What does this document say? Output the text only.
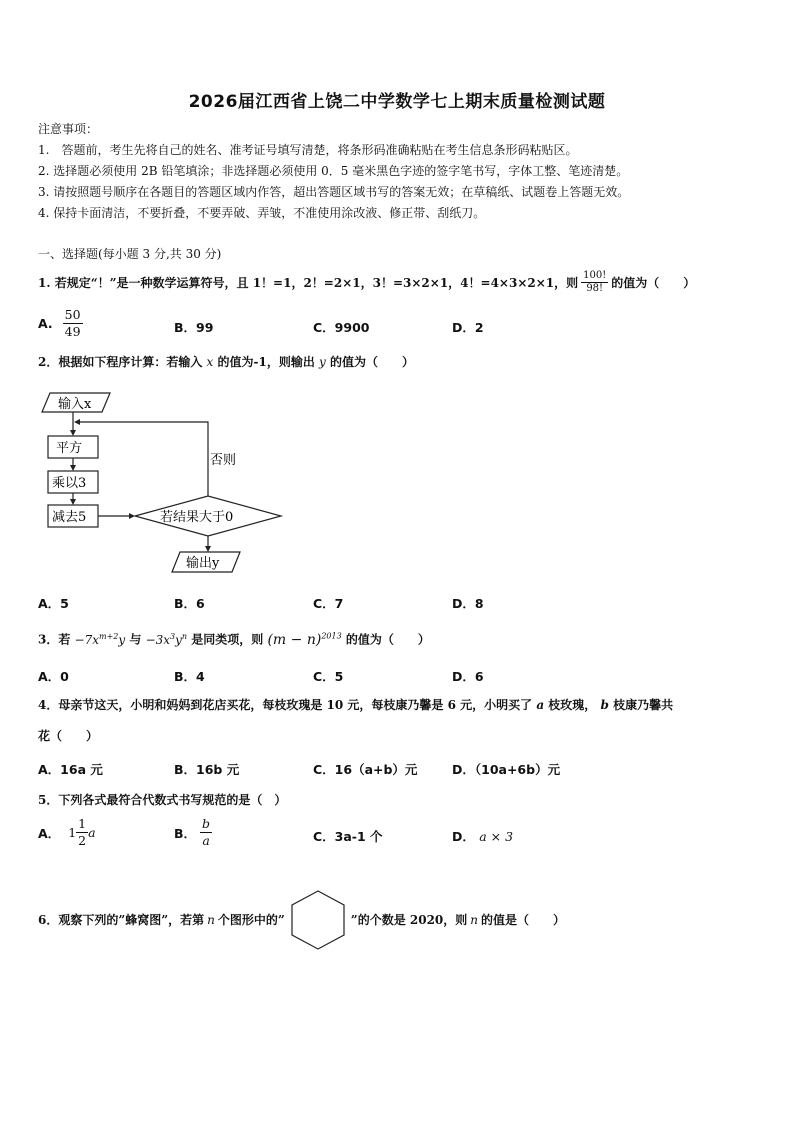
2026届江西省上饶二中学数学七上期末质量检测试题
注意事项：
1.　答题前，考生先将自己的姓名、准考证号填写清楚，将条形码准确粘贴在考生信息条形码粘贴区。
2. 选择题必须使用 2B 铅笔填涂；非选择题必须使用 0．5 毫米黑色字迹的签字笔书写，字体工整、笔迹清楚。
3. 请按照题号顺序在各题目的答题区域内作答，超出答题区域书写的答案无效；在草稿纸、试题卷上答题无效。
4. 保持卡面清洁，不要折叠，不要弄破、弄皱，不准使用涂改液、修正带、刮纸刀。
一、选择题(每小题 3 分,共 30 分)
1. 若规定“！”是一种数学运算符号，且 1！=1，2！=2×1，3！=3×2×1，4！=4×3×2×1，则 $\frac{100!}{98!}$ 的值为（　　）
A. $\frac{50}{49}$	B．99	C．9900	D．2
2．根据如下程序计算：若输入 x 的值为-1，则输出 y 的值为（　　）
输入x
平方
乘以3
减去5	若结果大于0
否则
输出y
A．5	B．6	C．7	D．8
3．若 $-7x^{m+2}y$ 与 $-3x^3y^n$ 是同类项，则 $(m - n)^{2013}$ 的值为（　　）
A．0	B．4	C．5	D．6
4．母亲节这天，小明和妈妈到花店买花，每枝玫瑰是 10 元，每枝康乃馨是 6 元，小明买了 a 枝玫瑰， b 枝康乃馨共
花（　　）
A．16a 元	B．16b 元	C．16（a+b）元	D．（10a+6b）元
5．下列各式最符合代数式书写规范的是（　）
A． $1 \frac{1}{2}$ a	B． $\frac{b}{a}$	C．3a-1 个	D． a × 3
6．观察下列的”蜂窝图”，若第 n 个图形中的”	”的个数是 2020，则 n 的值是（　　）
